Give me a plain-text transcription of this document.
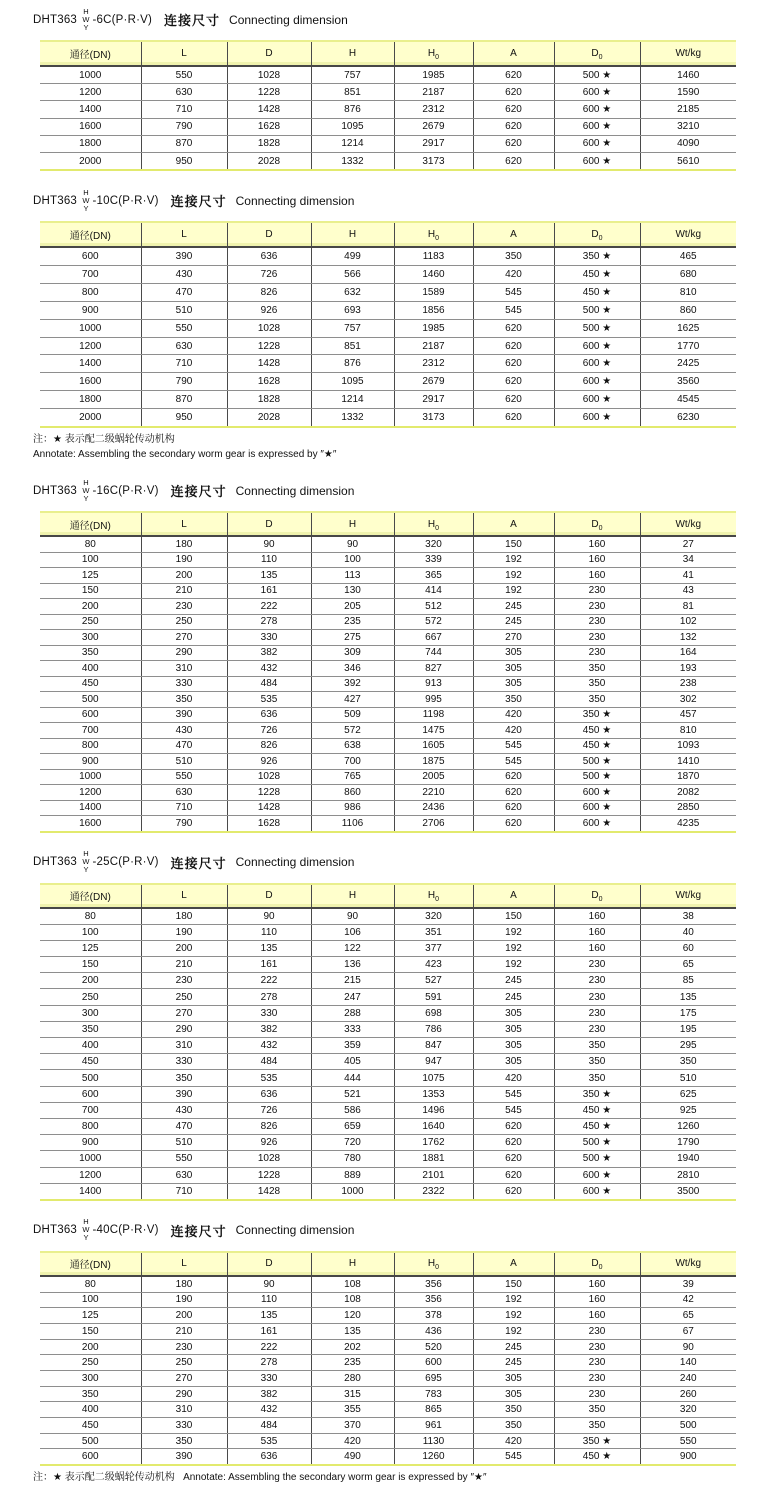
DHT363
H
W
Y
-6C(P·R·V) 连接尺寸 Connecting dimension
通径(DN)	L	D	H	$H_0$	A	$D_0$	Wt/kg
1000	550	1028	757	1985	620	500 ★	1460
1200	630	1228	851	2187	620	600 ★	1590
1400	710	1428	876	2312	620	600 ★	2185
1600	790	1628	1095	2679	620	600 ★	3210
1800	870	1828	1214	2917	620	600 ★	4090
2000	950	2028	1332	3173	620	600 ★	5610
DHT363
H
W
Y
-10C(P·R·V) 连接尺寸 Connecting dimension
通径(DN)	L	D	H	$H_0$	A	$D_0$	Wt/kg
600	390	636	499	1183	350	350 ★	465
700	430	726	566	1460	420	450 ★	680
800	470	826	632	1589	545	450 ★	810
900	510	926	693	1856	545	500 ★	860
1000	550	1028	757	1985	620	500 ★	1625
1200	630	1228	851	2187	620	600 ★	1770
1400	710	1428	876	2312	620	600 ★	2425
1600	790	1628	1095	2679	620	600 ★	3560
1800	870	1828	1214	2917	620	600 ★	4545
2000	950	2028	1332	3173	620	600 ★	6230

注：★ 表示配二级蜗轮传动机构

Annotate: Assembling the secondary worm gear is expressed by ″★″

DHT363
H
W
Y
-16C(P·R·V) 连接尺寸 Connecting dimension
通径(DN)	L	D	H	$H_0$	A	$D_0$	Wt/kg
80	180	90	90	320	150	160	27
100	190	110	100	339	192	160	34
125	200	135	113	365	192	160	41
150	210	161	130	414	192	230	43
200	230	222	205	512	245	230	81
250	250	278	235	572	245	230	102
300	270	330	275	667	270	230	132
350	290	382	309	744	305	230	164
400	310	432	346	827	305	350	193
450	330	484	392	913	305	350	238
500	350	535	427	995	350	350	302
600	390	636	509	1198	420	350 ★	457
700	430	726	572	1475	420	450 ★	810
800	470	826	638	1605	545	450 ★	1093
900	510	926	700	1875	545	500 ★	1410
1000	550	1028	765	2005	620	500 ★	1870
1200	630	1228	860	2210	620	600 ★	2082
1400	710	1428	986	2436	620	600 ★	2850
1600	790	1628	1106	2706	620	600 ★	4235
DHT363
H
W
Y
-25C(P·R·V) 连接尺寸 Connecting dimension
通径(DN)	L	D	H	$H_0$	A	$D_0$	Wt/kg
80	180	90	90	320	150	160	38
100	190	110	106	351	192	160	40
125	200	135	122	377	192	160	60
150	210	161	136	423	192	230	65
200	230	222	215	527	245	230	85
250	250	278	247	591	245	230	135
300	270	330	288	698	305	230	175
350	290	382	333	786	305	230	195
400	310	432	359	847	305	350	295
450	330	484	405	947	305	350	350
500	350	535	444	1075	420	350	510
600	390	636	521	1353	545	350 ★	625
700	430	726	586	1496	545	450 ★	925
800	470	826	659	1640	620	450 ★	1260
900	510	926	720	1762	620	500 ★	1790
1000	550	1028	780	1881	620	500 ★	1940
1200	630	1228	889	2101	620	600 ★	2810
1400	710	1428	1000	2322	620	600 ★	3500
DHT363
H
W
Y
-40C(P·R·V) 连接尺寸 Connecting dimension
通径(DN)	L	D	H	$H_0$	A	$D_0$	Wt/kg
80	180	90	108	356	150	160	39
100	190	110	108	356	192	160	42
125	200	135	120	378	192	160	65
150	210	161	135	436	192	230	67
200	230	222	202	520	245	230	90
250	250	278	235	600	245	230	140
300	270	330	280	695	305	230	240
350	290	382	315	783	305	230	260
400	310	432	355	865	350	350	320
450	330	484	370	961	350	350	500
500	350	535	420	1130	420	350 ★	550
600	390	636	490	1260	545	450 ★	900

注：★ 表示配二级蜗轮传动机构   Annotate: Assembling the secondary worm gear is expressed by ″★″
